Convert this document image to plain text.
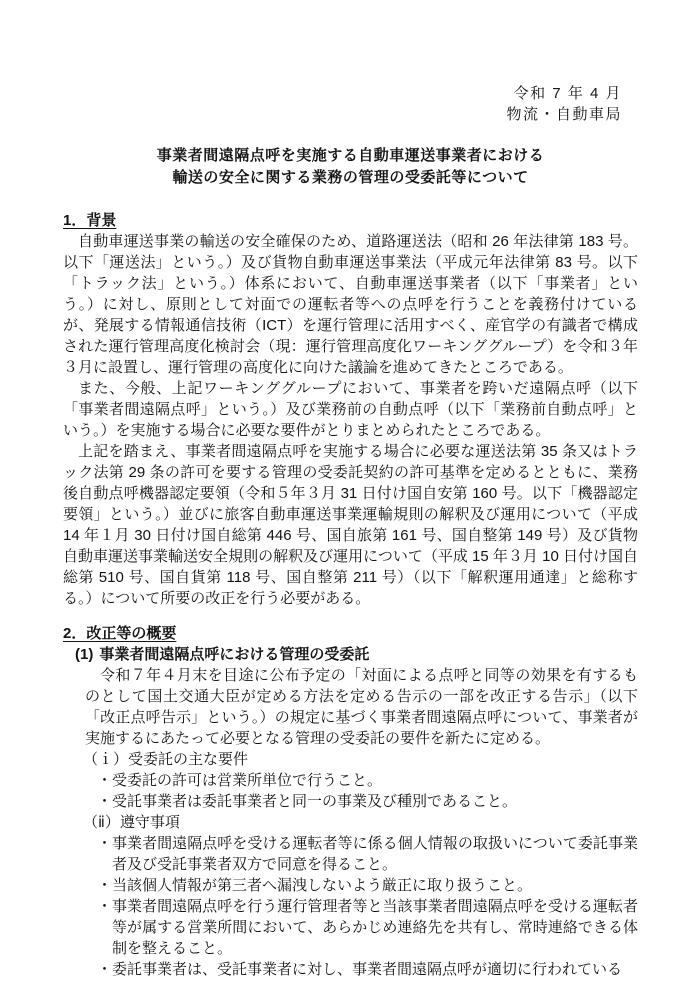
令和 7 年 4 月
物流・自動車局
事業者間遠隔点呼を実施する自動車運送事業者における
輸送の安全に関する業務の管理の受委託等について
1．背景
自動車運送事業の輸送の安全確保のため、道路運送法（昭和 26 年法律第 183 号。以下「運送法」という。）及び貨物自動車運送事業法（平成元年法律第 83 号。以下「トラック法」という。）体系において、自動車運送事業者（以下「事業者」という。）に対し、原則として対面での運転者等への点呼を行うことを義務付けているが、発展する情報通信技術（ICT）を運行管理に活用すべく、産官学の有識者で構成された運行管理高度化検討会（現：運行管理高度化ワーキンググループ）を令和３年３月に設置し、運行管理の高度化に向けた議論を進めてきたところである。
また、今般、上記ワーキンググループにおいて、事業者を跨いだ遠隔点呼（以下「事業者間遠隔点呼」という。）及び業務前の自動点呼（以下「業務前自動点呼」という。）を実施する場合に必要な要件がとりまとめられたところである。
上記を踏まえ、事業者間遠隔点呼を実施する場合に必要な運送法第 35 条又はトラック法第 29 条の許可を要する管理の受委託契約の許可基準を定めるとともに、業務後自動点呼機器認定要領（令和５年３月 31 日付け国自安第 160 号。以下「機器認定要領」という。）並びに旅客自動車運送事業運輸規則の解釈及び運用について（平成 14 年１月 30 日付け国自総第 446 号、国自旅第 161 号、国自整第 149 号）及び貨物自動車運送事業輸送安全規則の解釈及び運用について（平成 15 年３月 10 日付け国自総第 510 号、国自貨第 118 号、国自整第 211 号）（以下「解釈運用通達」と総称する。）について所要の改正を行う必要がある。
2．改正等の概要
(1) 事業者間遠隔点呼における管理の受委託
令和７年４月末を目途に公布予定の「対面による点呼と同等の効果を有するものとして国土交通大臣が定める方法を定める告示の一部を改正する告示」（以下「改正点呼告示」という。）の規定に基づく事業者間遠隔点呼について、事業者が実施するにあたって必要となる管理の受委託の要件を新たに定める。
（ｉ）受委託の主な要件
・ 受委託の許可は営業所単位で行うこと。
・ 受託事業者は委託事業者と同一の事業及び種別であること。
（ⅱ）遵守事項
・ 事業者間遠隔点呼を受ける運転者等に係る個人情報の取扱いについて委託事業者及び受託事業者双方で同意を得ること。
・ 当該個人情報が第三者へ漏洩しないよう厳正に取り扱うこと。
・ 事業者間遠隔点呼を行う運行管理者等と当該事業者間遠隔点呼を受ける運転者等が属する営業所間において、あらかじめ連絡先を共有し、常時連絡できる体制を整えること。
・ 委託事業者は、受託事業者に対し、事業者間遠隔点呼が適切に行われている
